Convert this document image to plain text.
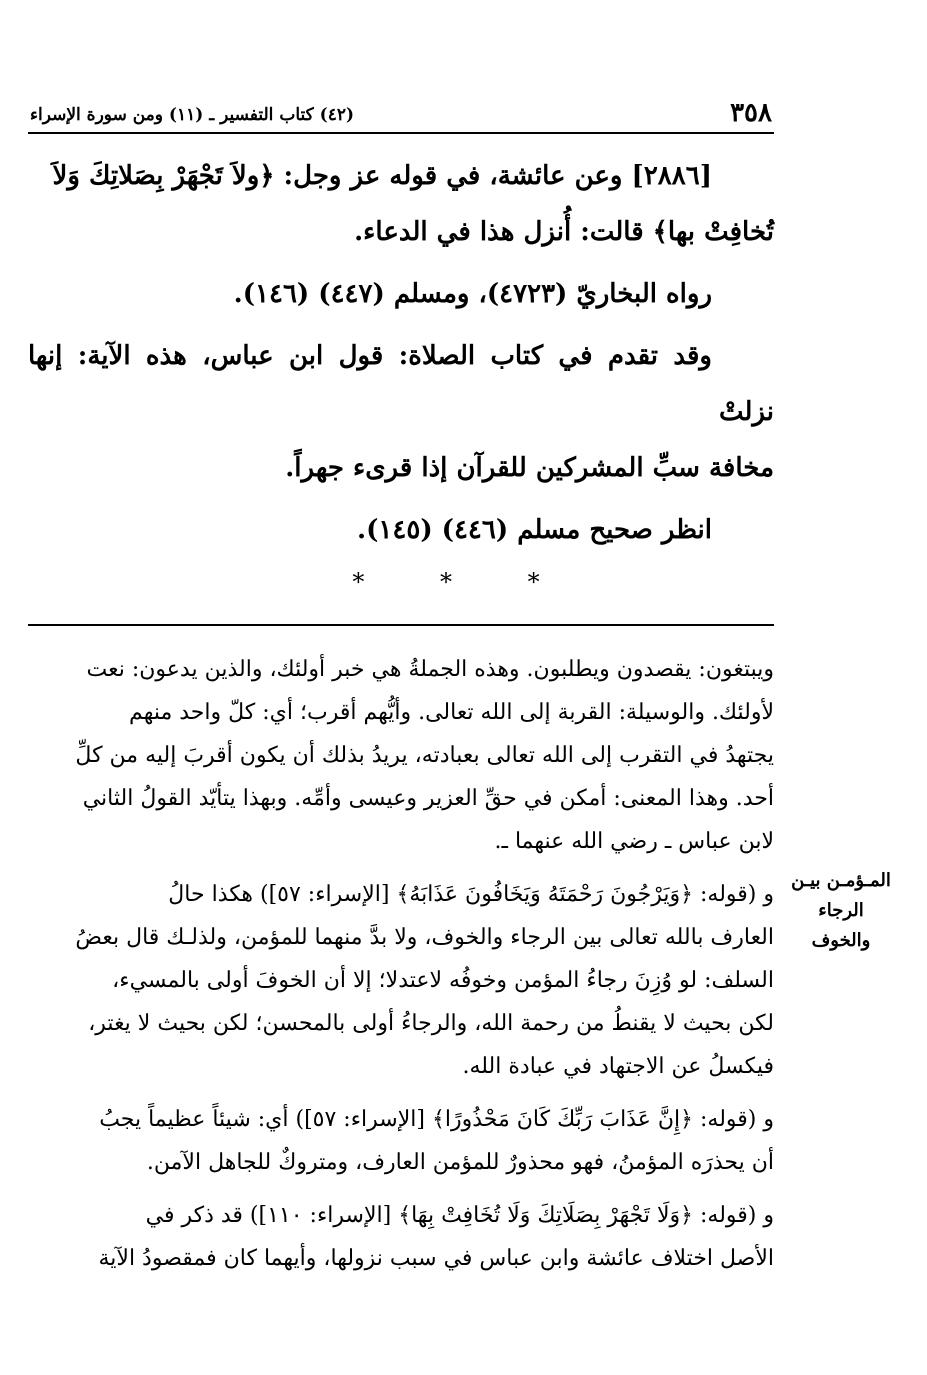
٣٥٨
(٤٢) كتاب التفسير ـ (١١) ومن سورة الإسراء

[٢٨٨٦] وعن عائشة، في قوله عز وجل: ﴿ولاَ تَجْهَرْ بِصَلاتِكَ وَلاَ

تُخافِتْ بها﴾ قالت: أُنزل هذا في الدعاء.

رواه البخاريّ (٤٧٢٣)، ومسلم (٤٤٧) (١٤٦).

وقد تقدم في كتاب الصلاة: قول ابن عباس، هذه الآية: إنها نزلتْ

مخافة سبِّ المشركين للقرآن إذا قرىء جهراً.

انظر صحيح مسلم (٤٤٦) (١٤٥).

* * *

ويبتغون: يقصدون ويطلبون. وهذه الجملةُ هي خبر أولئك، والذين يدعون: نعت

لأولئك. والوسيلة: القربة إلى الله تعالى. وأيُّهم أقرب؛ أي: كلّ واحد منهم

يجتهدُ في التقرب إلى الله تعالى بعبادته، يريدُ بذلك أن يكون أقربَ إليه من كلِّ

أحد. وهذا المعنى: أمكن في حقِّ العزير وعيسى وأمِّه. وبهذا يتأيّد القولُ الثاني

لابن عباس ـ رضي الله عنهما ـ.

و (قوله: ﴿وَيَرْجُونَ رَحْمَتَهُ وَيَخَافُونَ عَذَابَهُ﴾ [الإسراء: ٥٧]) هكذا حالُ

العارف بالله تعالى بين الرجاء والخوف، ولا بدَّ منهما للمؤمن، ولذلـك قال بعضُ

السلف: لو وُزِنَ رجاءُ المؤمن وخوفُه لاعتدلا؛ إلا أن الخوفَ أولى بالمسيء،

لكن بحيث لا يقنطُ من رحمة الله، والرجاءُ أولى بالمحسن؛ لكن بحيث لا يغتر،

فيكسلُ عن الاجتهاد في عبادة الله.

و (قوله: ﴿إِنَّ عَذَابَ رَبِّكَ كَانَ مَحْذُورًا﴾ [الإسراء: ٥٧]) أي: شيئاً عظيماً يجبُ

أن يحذرَه المؤمنُ، فهو محذورٌ للمؤمن العارف، ومتروكٌ للجاهل الآمن.

و (قوله: ﴿وَلَا تَجْهَرْ بِصَلَاتِكَ وَلَا تُخَافِتْ بِهَا﴾ [الإسراء: ١١٠]) قد ذكر في

الأصل اختلاف عائشة وابن عباس في سبب نزولها، وأيهما كان فمقصودُ الآية

المـؤمـن بيـن
الرجاء
والخوف
